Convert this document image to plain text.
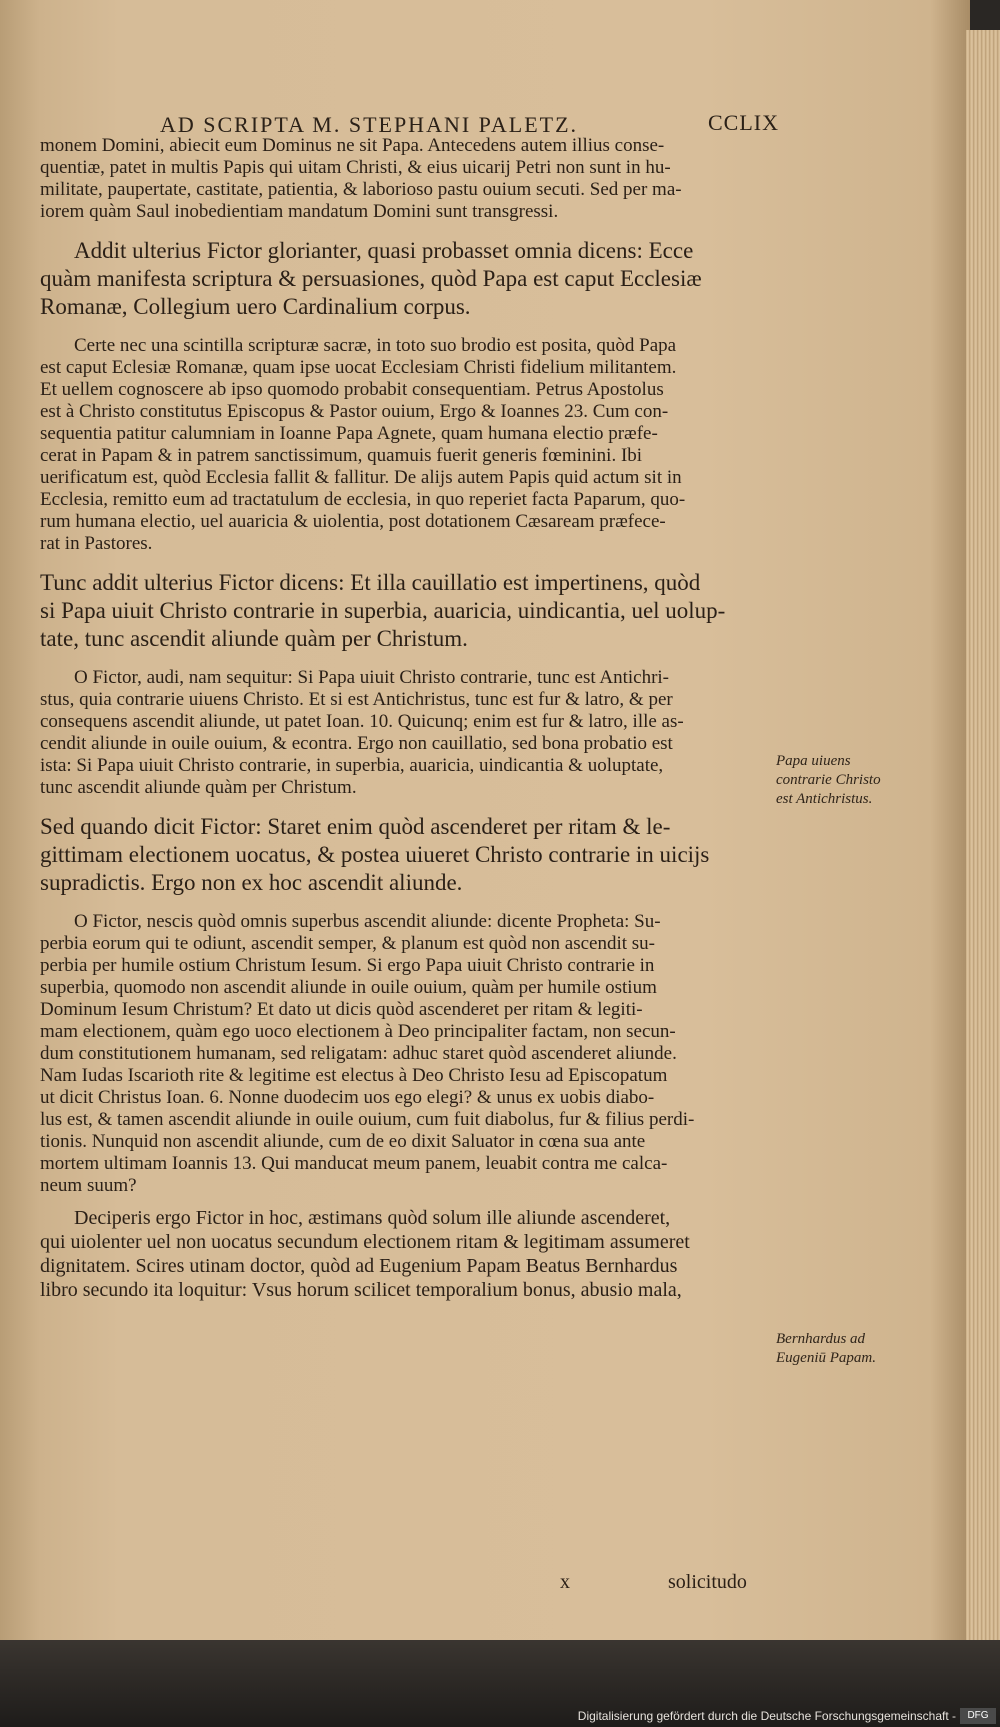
AD SCRIPTA M. STEPHANI PALETZ.	CCLIX
monem Domini, abiecit eum Dominus ne sit Papa. Antecedens autem illius conse-
quentiæ, patet in multis Papis qui uitam Christi, & eius uicarij Petri non sunt in hu-
militate, paupertate, castitate, patientia, & laborioso pastu ouium secuti. Sed per ma-
iorem quàm Saul inobedientiam mandatum Domini sunt transgressi.
Addit ulterius Fictor glorianter, quasi probasset omnia dicens: Ecce
quàm manifesta scriptura & persuasiones, quòd Papa est caput Ecclesiæ
Romanæ, Collegium uero Cardinalium corpus.
Certe nec una scintilla scripturæ sacræ, in toto suo brodio est posita, quòd Papa
est caput Eclesiæ Romanæ, quam ipse uocat Ecclesiam Christi fidelium militantem.
Et uellem cognoscere ab ipso quomodo probabit consequentiam. Petrus Apostolus
est à Christo constitutus Episcopus & Pastor ouium, Ergo & Ioannes 23. Cum con-
sequentia patitur calumniam in Ioanne Papa Agnete, quam humana electio præfe-
cerat in Papam & in patrem sanctissimum, quamuis fuerit generis fœminini. Ibi
uerificatum est, quòd Ecclesia fallit & fallitur. De alijs autem Papis quid actum sit in
Ecclesia, remitto eum ad tractatulum de ecclesia, in quo reperiet facta Paparum, quo-
rum humana electio, uel auaricia & uiolentia, post dotationem Cæsaream præfece-
rat in Pastores.
Tunc addit ulterius Fictor dicens: Et illa cauillatio est impertinens, quòd
si Papa uiuit Christo contrarie in superbia, auaricia, uindicantia, uel uolup-
tate, tunc ascendit aliunde quàm per Christum.
O Fictor, audi, nam sequitur: Si Papa uiuit Christo contrarie, tunc est Antichri-
stus, quia contrarie uiuens Christo. Et si est Antichristus, tunc est fur & latro, & per
consequens ascendit aliunde, ut patet Ioan. 10. Quicunq; enim est fur & latro, ille as-
cendit aliunde in ouile ouium, & econtra. Ergo non cauillatio, sed bona probatio est
ista: Si Papa uiuit Christo contrarie, in superbia, auaricia, uindicantia & uoluptate,
tunc ascendit aliunde quàm per Christum.
Sed quando dicit Fictor: Staret enim quòd ascenderet per ritam & le-
gittimam electionem uocatus, & postea uiueret Christo contrarie in uicijs
supradictis. Ergo non ex hoc ascendit aliunde.
O Fictor, nescis quòd omnis superbus ascendit aliunde: dicente Propheta: Su-
perbia eorum qui te odiunt, ascendit semper, & planum est quòd non ascendit su-
perbia per humile ostium Christum Iesum. Si ergo Papa uiuit Christo contrarie in
superbia, quomodo non ascendit aliunde in ouile ouium, quàm per humile ostium
Dominum Iesum Christum? Et dato ut dicis quòd ascenderet per ritam & legiti-
mam electionem, quàm ego uoco electionem à Deo principaliter factam, non secun-
dum constitutionem humanam, sed religatam: adhuc staret quòd ascenderet aliunde.
Nam Iudas Iscarioth rite & legitime est electus à Deo Christo Iesu ad Episcopatum
ut dicit Christus Ioan. 6. Nonne duodecim uos ego elegi? & unus ex uobis diabo-
lus est, & tamen ascendit aliunde in ouile ouium, cum fuit diabolus, fur & filius perdi-
tionis. Nunquid non ascendit aliunde, cum de eo dixit Saluator in cœna sua ante
mortem ultimam Ioannis 13. Qui manducat meum panem, leuabit contra me calca-
neum suum?
Deciperis ergo Fictor in hoc, æstimans quòd solum ille aliunde ascenderet,
qui uiolenter uel non uocatus secundum electionem ritam & legitimam assumeret
dignitatem. Scires utinam doctor, quòd ad Eugenium Papam Beatus Bernhardus
libro secundo ita loquitur: Vsus horum scilicet temporalium bonus, abusio mala,
Papa uiuens contrarie Christo est Antichristus.
Bernhardus ad Eugeniū Papam.
x	solicitudo
Digitalisierung gefördert durch die Deutsche Forschungsgemeinschaft -	DFG
